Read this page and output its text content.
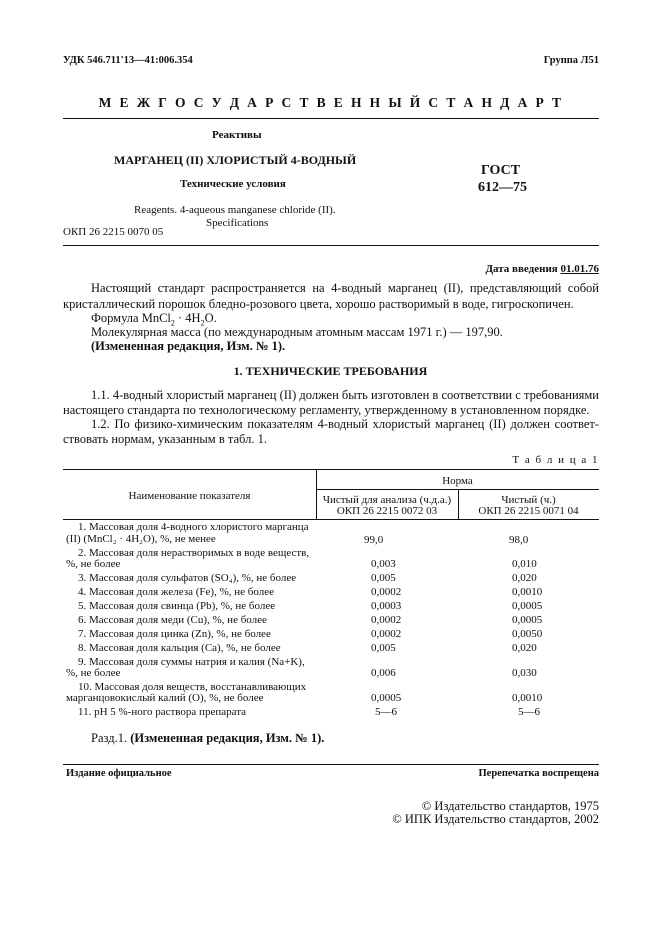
УДК 546.711'13—41:006.354	Группа Л51
М Е Ж Г О С У Д А Р С Т В Е Н Н Ы Й С Т А Н Д А Р Т
Реактивы
МАРГАНЕЦ (II) ХЛОРИСТЫЙ 4-ВОДНЫЙ
Технические условия
Reagents. 4-aqueous manganese chloride (II).
Specifications
ОКП 26 2215 0070 05
ГОСТ
612—75
Дата введения 01.01.76
Настоящий стандарт распространяется на 4-водный марганец (II), представляющий собой
кристаллический порошок бледно-розового цвета, хорошо растворимый в воде, гигроскопичен.
Формула MnCl$_2$ · $4H_2O$.
Молекулярная масса (по международным атомным массам 1971 г.) — 197,90.
(Измененная редакция, Изм. № 1).
1. ТЕХНИЧЕСКИЕ ТРЕБОВАНИЯ
1.1. 4-водный хлористый марганец (II) должен быть изготовлен в соответствии с требованиями
настоящего стандарта по технологическому регламенту, утвержденному в установленном порядке.
1.2. По физико-химическим показателям 4-водный хлористый марганец (II) должен соответ-
ствовать нормам, указанным в табл. 1.
Т а б л и ц а 1
Наименование показателя
Норма
Чистый для анализа (ч.д.а.)
ОКП 26 2215 0072 03
Чистый (ч.)
ОКП 26 2215 0071 04
1. Массовая доля 4-водного хлористого марганца
(II) (MnCl₂ · 4H₂O), %, не менее	99,0	98,0
2. Массовая доля нерастворимых в воде веществ,
%, не более	0,003	0,010
3. Массовая доля сульфатов (SO₄), %, не более	0,005	0,020
4. Массовая доля железа (Fe), %, не более	0,0002	0,0010
5. Массовая доля свинца (Pb), %, не более	0,0003	0,0005
6. Массовая доля меди (Cu), %, не более	0,0002	0,0005
7. Массовая доля цинка (Zn), %, не более	0,0002	0,0050
8. Массовая доля кальция (Ca), %, не более	0,005	0,020
9. Массовая доля суммы натрия и калия (Na+K),
%, не более	0,006	0,030
10. Массовая доля веществ, восстанавливающих
марганцовокислый калий (O), %, не более	0,0005	0,0010
11. pH 5 %-ного раствора препарата	5—6	5—6
Разд.1. (Измененная редакция, Изм. № 1).
Издание официальное	Перепечатка воспрещена
© Издательство стандартов, 1975
© ИПК Издательство стандартов, 2002
